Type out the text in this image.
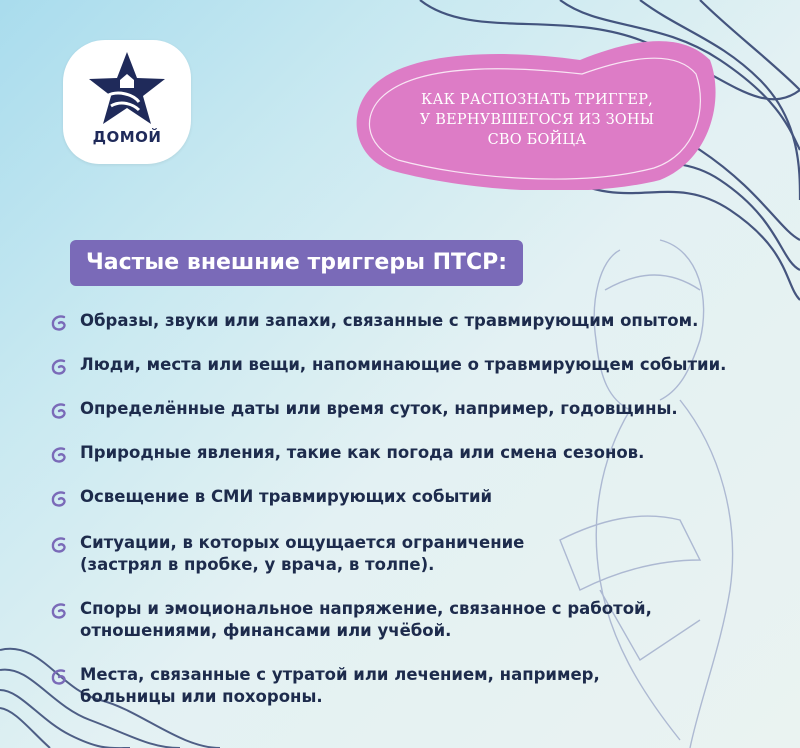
ДОМОЙ
КАК РАСПОЗНАТЬ ТРИГГЕР,
У ВЕРНУВШЕГОСЯ ИЗ ЗОНЫ
СВО БОЙЦА
Частые внешние триггеры ПТСР:
Образы, звуки или запахи, связанные с травмирующим опытом.
Люди, места или вещи, напоминающие о травмирующем событии.
Определённые даты или время суток, например, годовщины.
Природные явления, такие как погода или смена сезонов.
Освещение в СМИ травмирующих событий
Ситуации, в которых ощущается ограничение
(застрял в пробке, у врача, в толпе).
Споры и эмоциональное напряжение, связанное с работой,
отношениями, финансами или учёбой.
Места, связанные с утратой или лечением, например,
больницы или похороны.
